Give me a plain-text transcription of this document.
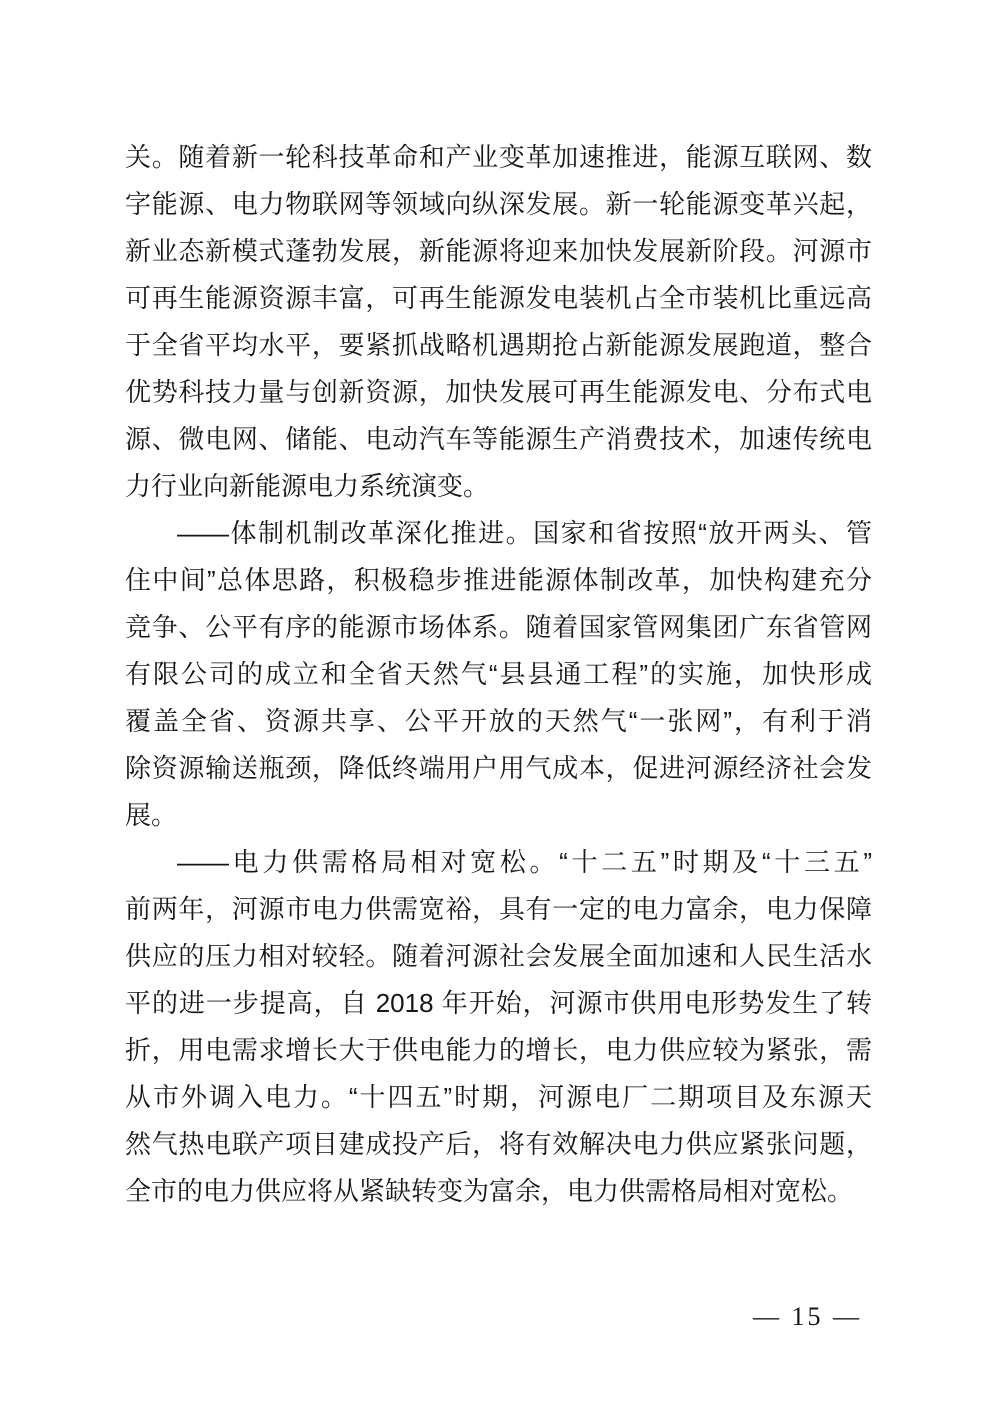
关。随着新一轮科技革命和产业变革加速推进，能源互联网、数
字能源、电力物联网等领域向纵深发展。新一轮能源变革兴起，
新业态新模式蓬勃发展，新能源将迎来加快发展新阶段。河源市
可再生能源资源丰富，可再生能源发电装机占全市装机比重远高
于全省平均水平，要紧抓战略机遇期抢占新能源发展跑道，整合
优势科技力量与创新资源，加快发展可再生能源发电、分布式电
源、微电网、储能、电动汽车等能源生产消费技术，加速传统电
力行业向新能源电力系统演变。
——体制机制改革深化推进。国家和省按照“放开两头、管
住中间”总体思路，积极稳步推进能源体制改革，加快构建充分
竞争、公平有序的能源市场体系。随着国家管网集团广东省管网
有限公司的成立和全省天然气“县县通工程”的实施，加快形成
覆盖全省、资源共享、公平开放的天然气“一张网”，有利于消
除资源输送瓶颈，降低终端用户用气成本，促进河源经济社会发
展。
——电力供需格局相对宽松。“十二五”时期及“十三五”
前两年，河源市电力供需宽裕，具有一定的电力富余，电力保障
供应的压力相对较轻。随着河源社会发展全面加速和人民生活水
平的进一步提高，自 2018 年开始，河源市供用电形势发生了转
折，用电需求增长大于供电能力的增长，电力供应较为紧张，需
从市外调入电力。“十四五”时期，河源电厂二期项目及东源天
然气热电联产项目建成投产后，将有效解决电力供应紧张问题，
全市的电力供应将从紧缺转变为富余，电力供需格局相对宽松。
— 15 —
